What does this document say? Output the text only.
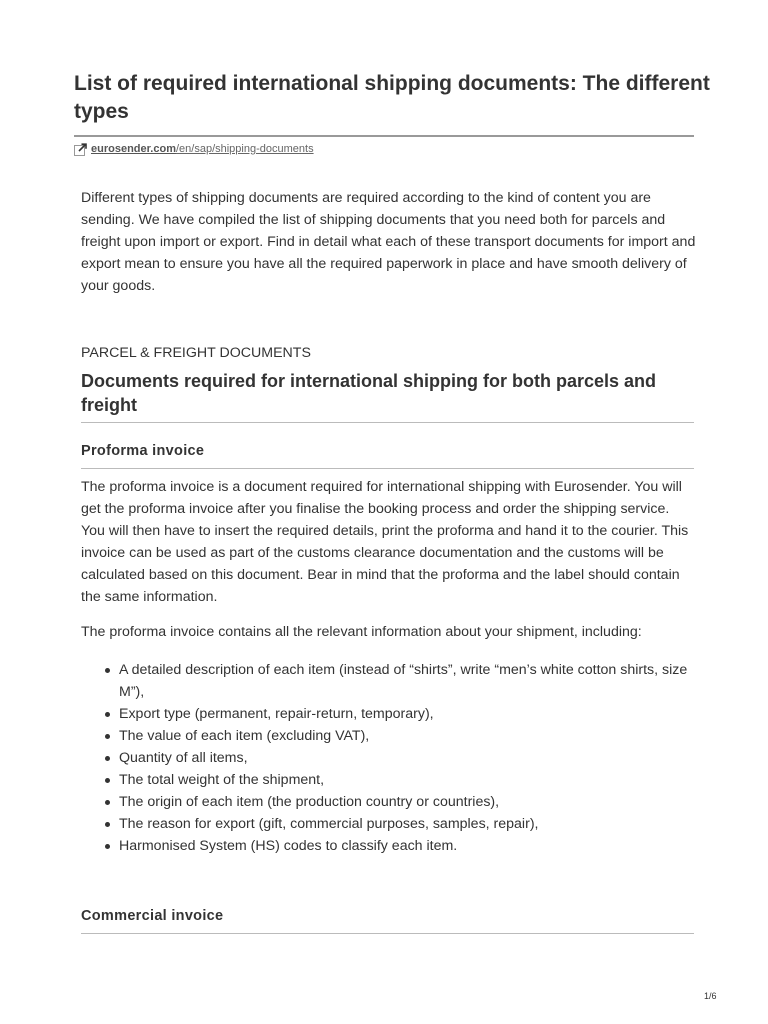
List of required international shipping documents: The different types
eurosender.com /en/sap/shipping-documents

Different types of shipping documents are required according to the kind of content you are sending. We have compiled the list of shipping documents that you need both for parcels and freight upon import or export. Find in detail what each of these transport documents for import and export mean to ensure you have all the required paperwork in place and have smooth delivery of your goods.

PARCEL & FREIGHT DOCUMENTS

Documents required for international shipping for both parcels and freight
Proforma invoice

The proforma invoice is a document required for international shipping with Eurosender. You will get the proforma invoice after you finalise the booking process and order the shipping service. You will then have to insert the required details, print the proforma and hand it to the courier. This invoice can be used as part of the customs clearance documentation and the customs will be calculated based on this document. Bear in mind that the proforma and the label should contain the same information.

The proforma invoice contains all the relevant information about your shipment, including:

A detailed description of each item (instead of “shirts”, write “men’s white cotton shirts, size M”),
Export type (permanent, repair-return, temporary),
The value of each item (excluding VAT),
Quantity of all items,
The total weight of the shipment,
The origin of each item (the production country or countries),
The reason for export (gift, commercial purposes, samples, repair),
Harmonised System (HS) codes to classify each item.
Commercial invoice
1/6
